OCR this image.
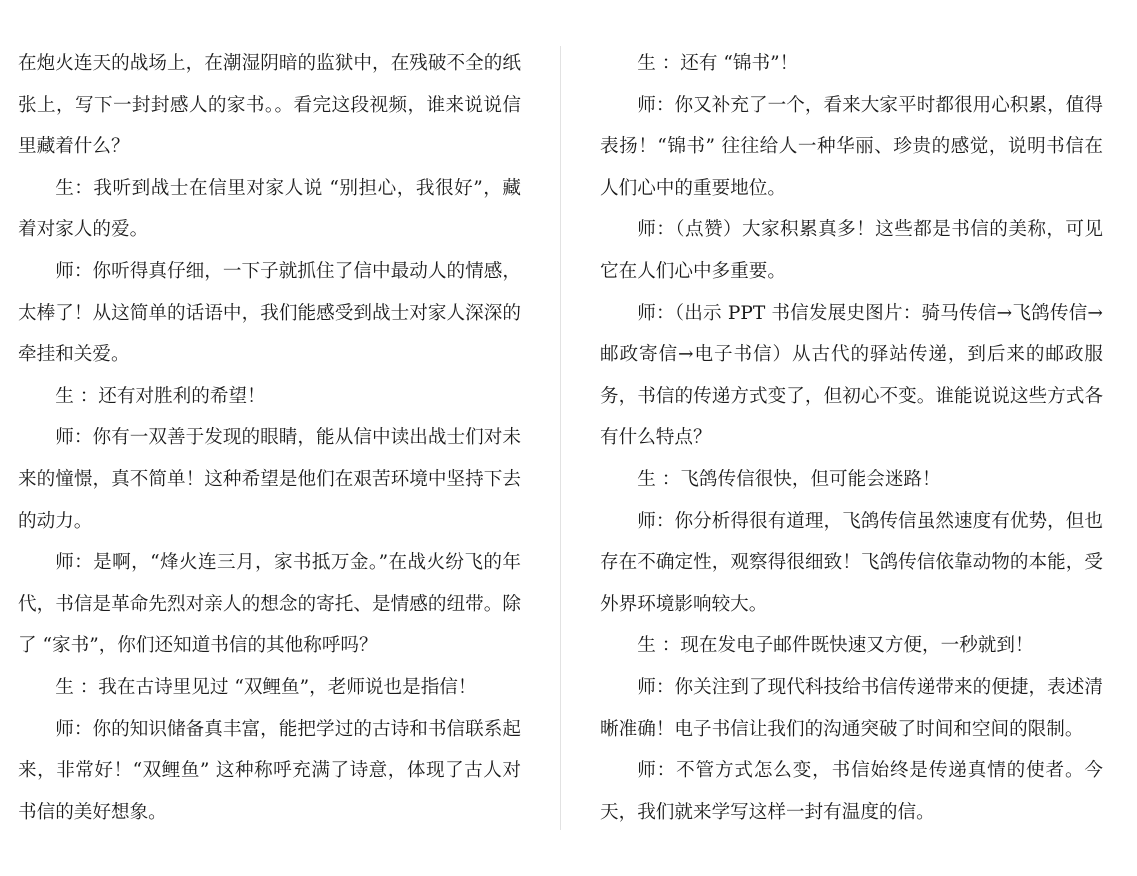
在炮火连天的战场上，在潮湿阴暗的监狱中，在残破不全的纸张上，写下一封封感人的家书。。看完这段视频，谁来说说信里藏着什么？

生：我听到战士在信里对家人说 “别担心，我很好”，藏着对家人的爱。

师：你听得真仔细，一下子就抓住了信中最动人的情感，太棒了！从这简单的话语中，我们能感受到战士对家人深深的牵挂和关爱。

生 ：还有对胜利的希望！

师：你有一双善于发现的眼睛，能从信中读出战士们对未来的憧憬，真不简单！这种希望是他们在艰苦环境中坚持下去的动力。

师：是啊，“烽火连三月，家书抵万金。”在战火纷飞的年代，书信是革命先烈对亲人的想念的寄托、是情感的纽带。除了 “家书”，你们还知道书信的其他称呼吗？

生 ：我在古诗里见过 “双鲤鱼”，老师说也是指信！

师：你的知识储备真丰富，能把学过的古诗和书信联系起来，非常好！“双鲤鱼” 这种称呼充满了诗意，体现了古人对书信的美好想象。

生 ：还有 “锦书”！

师：你又补充了一个，看来大家平时都很用心积累，值得表扬！“锦书” 往往给人一种华丽、珍贵的感觉，说明书信在人们心中的重要地位。

师：（点赞）大家积累真多！这些都是书信的美称，可见它在人们心中多重要。

师：（出示 PPT 书信发展史图片：骑马传信→飞鸽传信→邮政寄信→电子书信）从古代的驿站传递，到后来的邮政服务，书信的传递方式变了，但初心不变。谁能说说这些方式各有什么特点？

生 ：飞鸽传信很快，但可能会迷路！

师：你分析得很有道理，飞鸽传信虽然速度有优势，但也存在不确定性，观察得很细致！飞鸽传信依靠动物的本能，受外界环境影响较大。

生 ：现在发电子邮件既快速又方便，一秒就到！

师：你关注到了现代科技给书信传递带来的便捷，表述清晰准确！电子书信让我们的沟通突破了时间和空间的限制。

师：不管方式怎么变，书信始终是传递真情的使者。今天，我们就来学写这样一封有温度的信。
